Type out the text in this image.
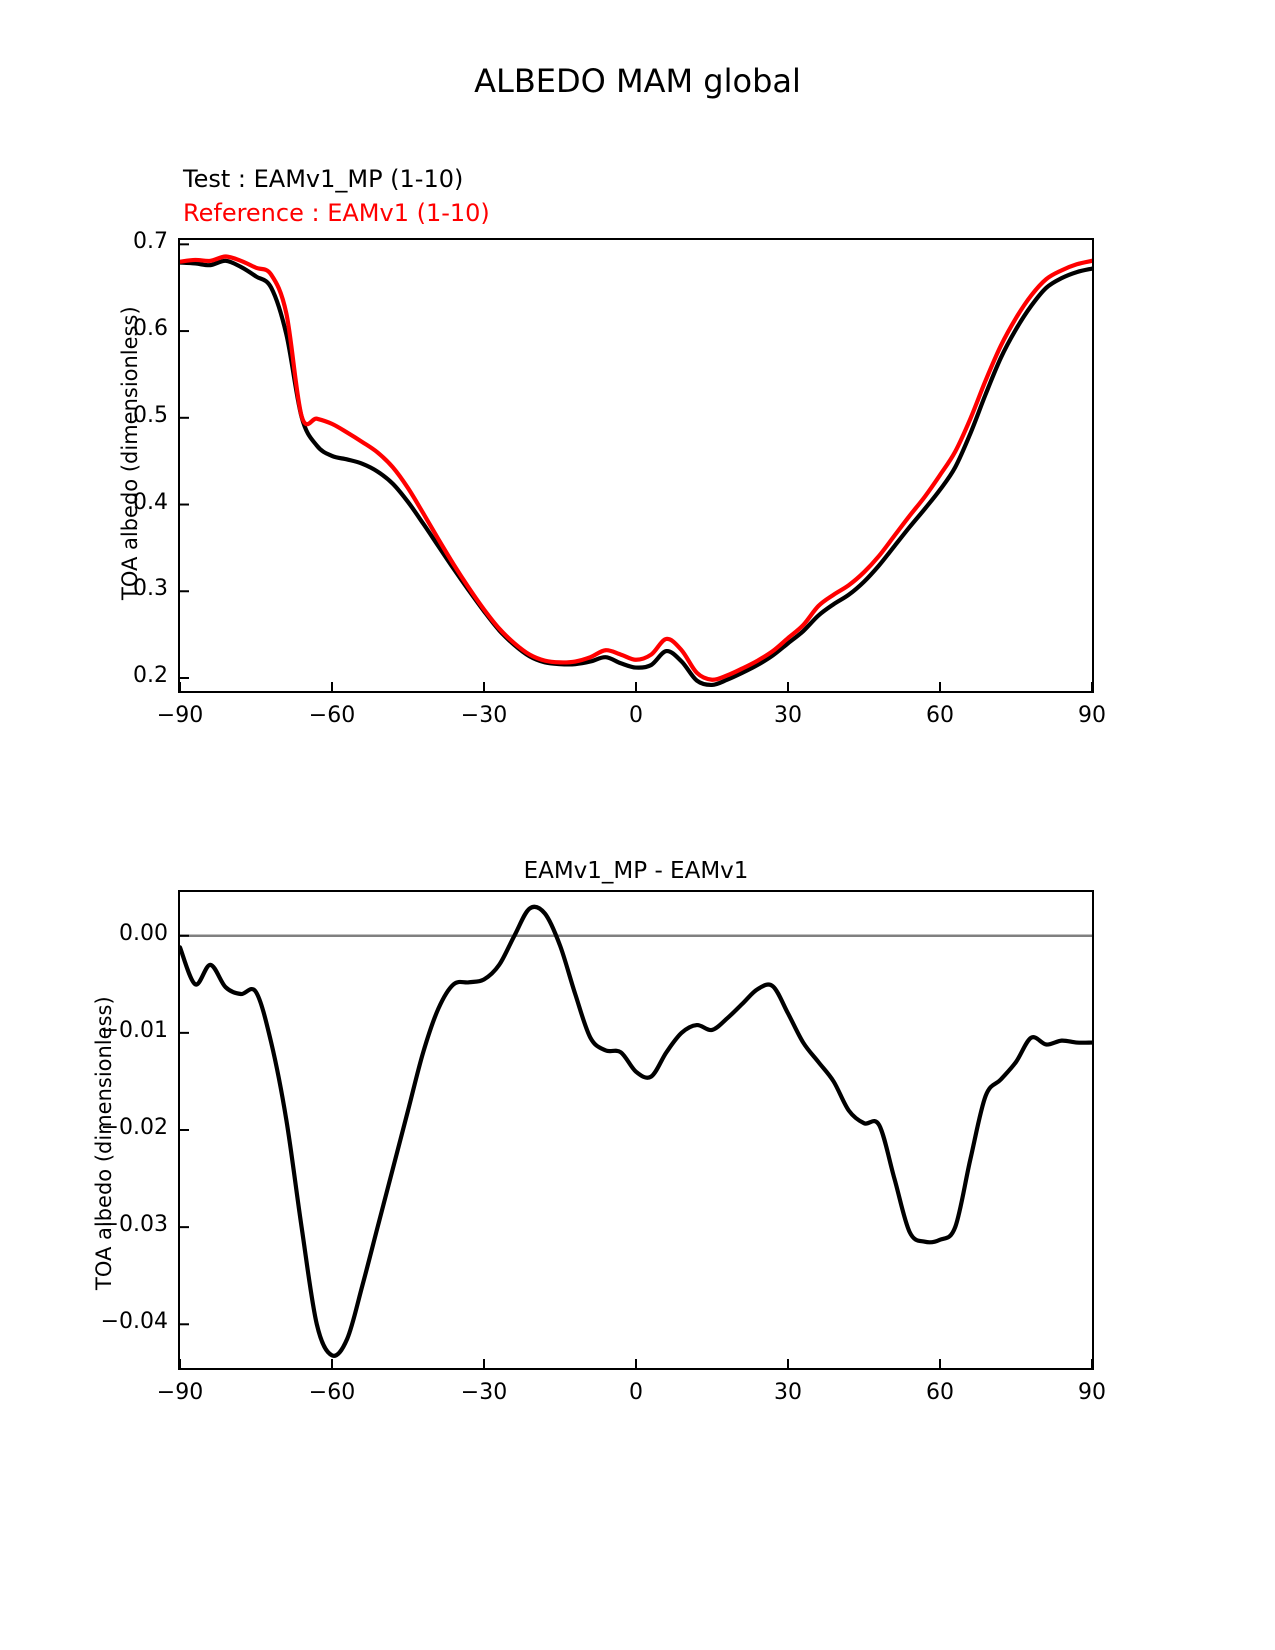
ALBEDO MAM global
Test : EAMv1_MP (1-10)
Reference : EAMv1 (1-10)
TOA albedo (dimensionless)
EAMv1_MP - EAMv1
TOA albedo (dimensionless)
0.2
0.3
0.4
0.5
0.6
0.7
−90	−60	−30	0	30	60	90
0.00
−0.01
−0.02
−0.03
−0.04
−90	−60	−30	0	30	60	90
